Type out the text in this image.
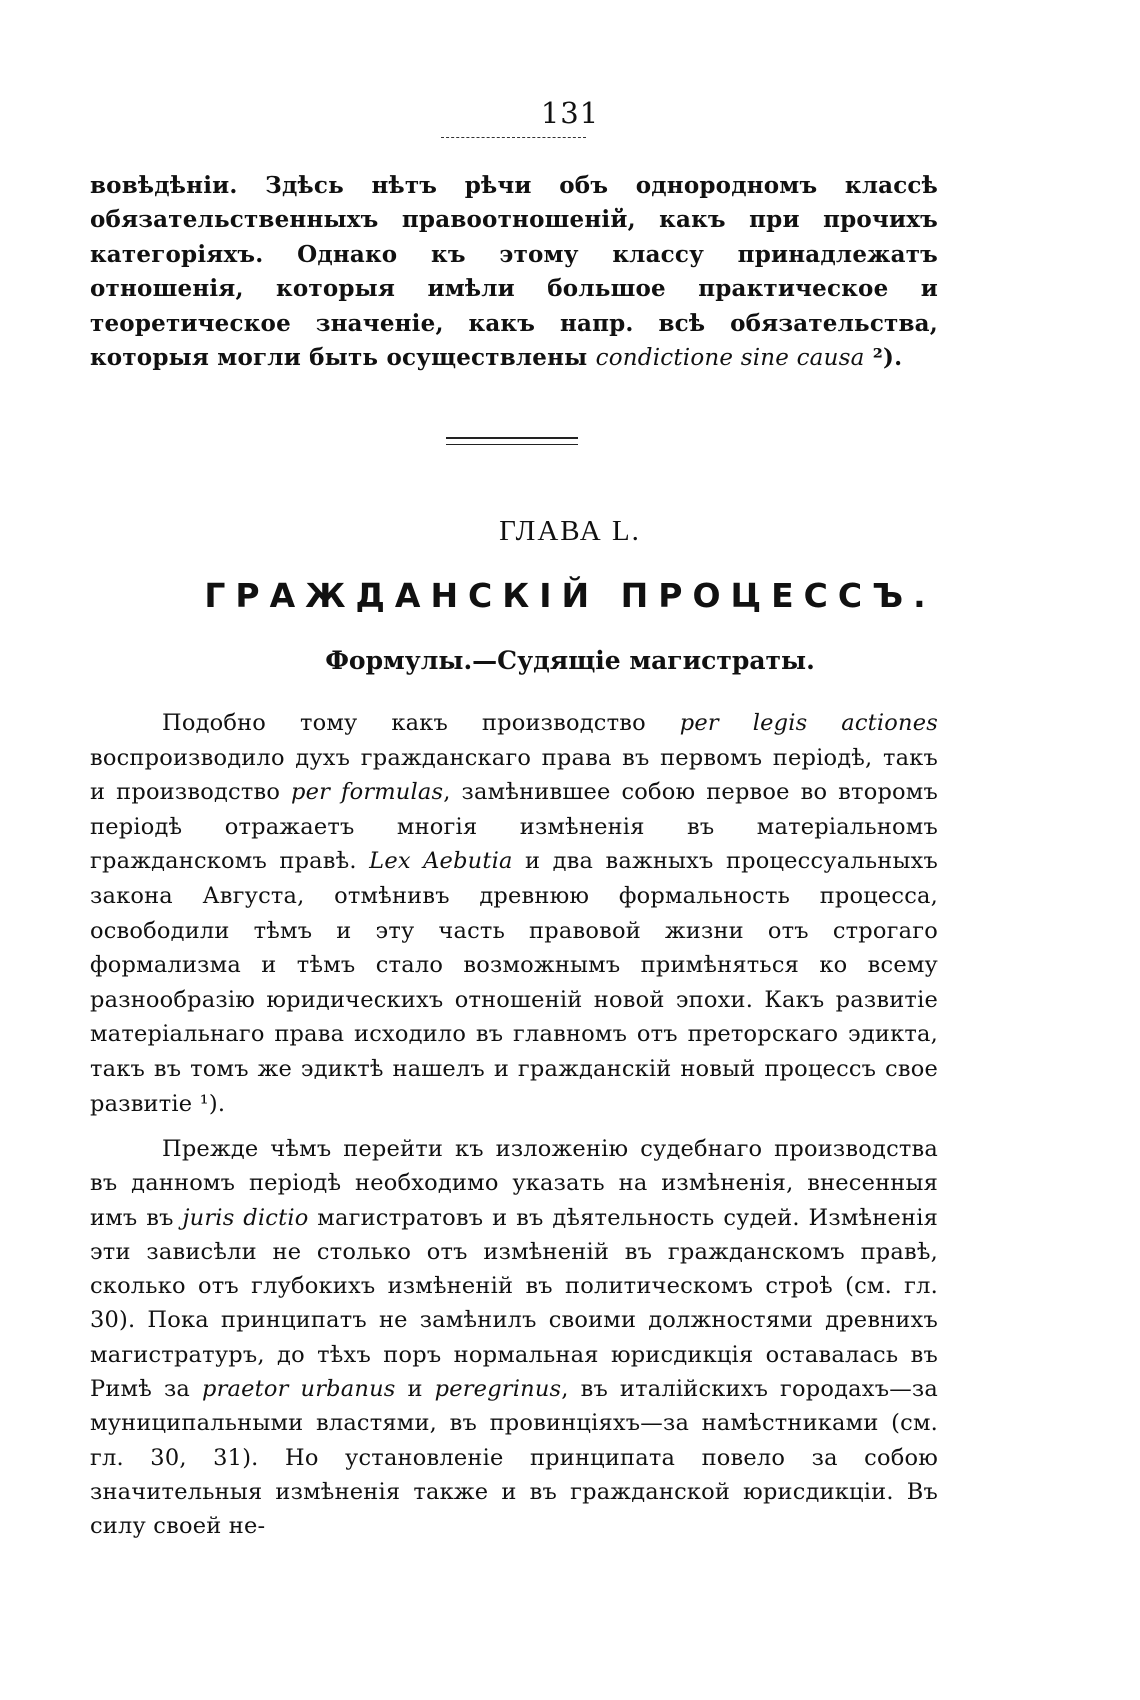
131
вовѣдѣніи. Здѣсь нѣтъ рѣчи объ однородномъ классѣ обязательственныхъ правоотношеній, какъ при прочихъ категоріяхъ. Однако къ этому классу принадлежатъ отношенія, которыя имѣли большое практическое и теоретическое значеніе, какъ напр. всѣ обязательства, которыя могли быть осуществлены condictione sine causa ²).
ГЛАВА L.
ГРАЖДАНСКІЙ ПРОЦЕССЪ.
Формулы.—Судящіе магистраты.
Подобно тому какъ производство per legis actiones воспроизводило духъ гражданскаго права въ первомъ періодѣ, такъ и производство per formulas, замѣнившее собою первое во второмъ періодѣ отражаетъ многія измѣненія въ матеріальномъ гражданскомъ правѣ. Lex Aebutia и два важныхъ процессуальныхъ закона Августа, отмѣнивъ древнюю формальность процесса, освободили тѣмъ и эту часть правовой жизни отъ строгаго формализма и тѣмъ стало возможнымъ примѣняться ко всему разнообразію юридическихъ отношеній новой эпохи. Какъ развитіе матеріальнаго права исходило въ главномъ отъ преторскаго эдикта, такъ въ томъ же эдиктѣ нашелъ и гражданскій новый процессъ свое развитіе ¹).
Прежде чѣмъ перейти къ изложенію судебнаго производства въ данномъ періодѣ необходимо указать на измѣненія, внесенныя имъ въ juris dictio магистратовъ и въ дѣятельность судей. Измѣненія эти зависѣли не столько отъ измѣненій въ гражданскомъ правѣ, сколько отъ глубокихъ измѣненій въ политическомъ строѣ (см. гл. 30). Пока принципатъ не замѣнилъ своими должностями древнихъ магистратуръ, до тѣхъ поръ нормальная юрисдикція оставалась въ Римѣ за praetor urbanus и peregrinus, въ италійскихъ городахъ—за муниципальными властями, въ провинціяхъ—за намѣстниками (см. гл. 30, 31). Но установленіе принципата повело за собою значительныя измѣненія также и въ гражданской юрисдикціи. Въ силу своей не-
